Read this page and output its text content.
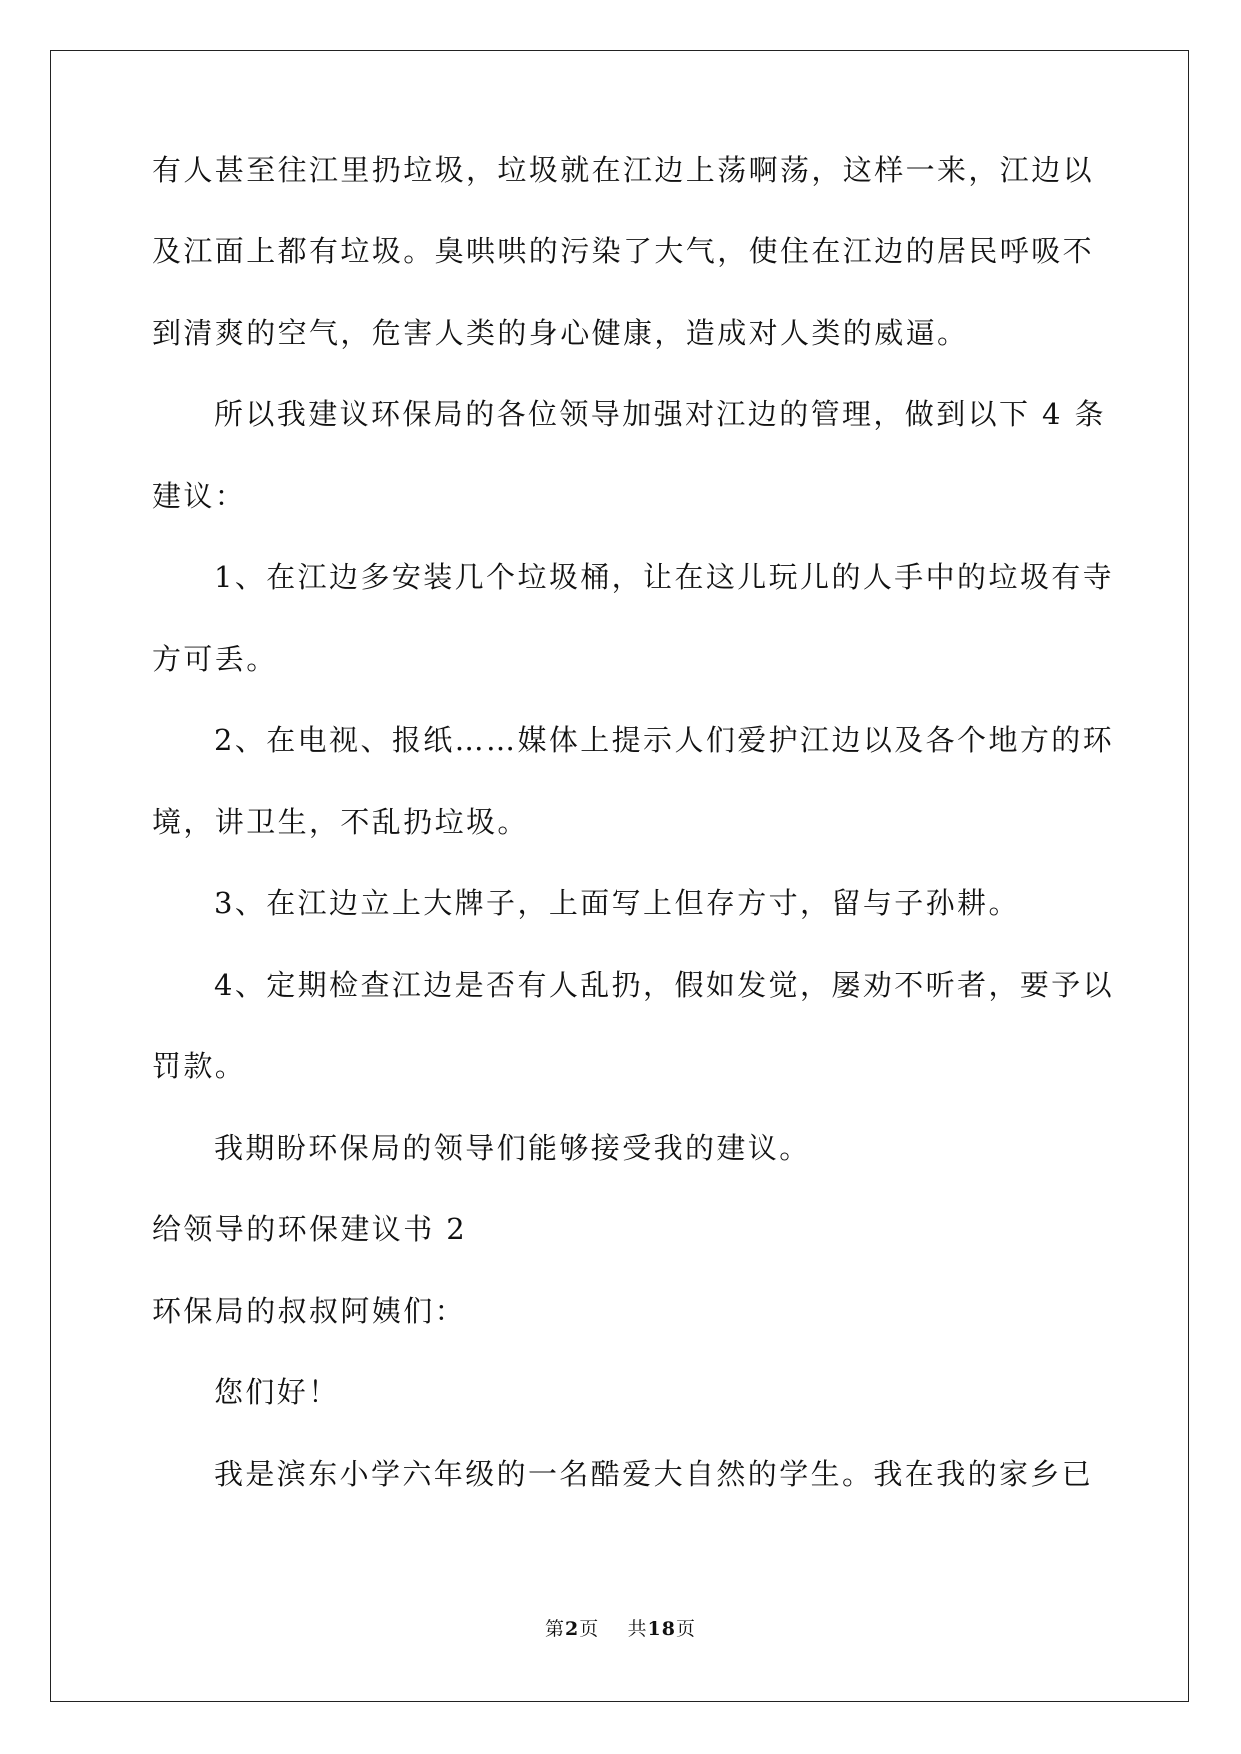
有人甚至往江里扔垃圾，垃圾就在江边上荡啊荡，这样一来，江边以

及江面上都有垃圾。臭哄哄的污染了大气，使住在江边的居民呼吸不

到清爽的空气，危害人类的身心健康，造成对人类的威逼。

所以我建议环保局的各位领导加强对江边的管理，做到以下 4 条

建议：

1、在江边多安装几个垃圾桶，让在这儿玩儿的人手中的垃圾有寺

方可丢。

2、在电视、报纸……媒体上提示人们爱护江边以及各个地方的环

境，讲卫生，不乱扔垃圾。

3、在江边立上大牌子，上面写上但存方寸，留与子孙耕。

4、定期检查江边是否有人乱扔，假如发觉，屡劝不听者，要予以

罚款。

我期盼环保局的领导们能够接受我的建议。

给领导的环保建议书 2

环保局的叔叔阿姨们：

您们好！

我是滨东小学六年级的一名酷爱大自然的学生。我在我的家乡已

第2页 共18页
